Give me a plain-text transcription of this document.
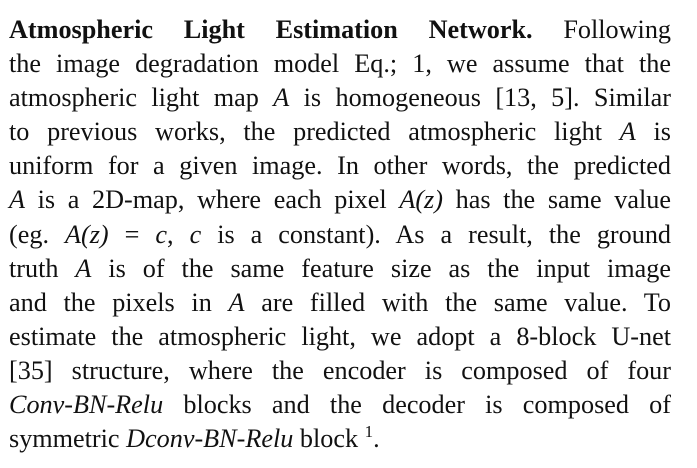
Atmospheric Light Estimation Network. Following
the image degradation model Eq.; 1, we assume that the
atmospheric light map A is homogeneous [13, 5]. Similar
to previous works, the predicted atmospheric light A is
uniform for a given image. In other words, the predicted
A is a 2D-map, where each pixel A(z) has the same value
(eg. A(z) = c, c is a constant). As a result, the ground
truth A is of the same feature size as the input image
and the pixels in A are filled with the same value. To
estimate the atmospheric light, we adopt a 8-block U-net
[35] structure, where the encoder is composed of four
Conv-BN-Relu blocks and the decoder is composed of
symmetric Dconv-BN-Relu block $^1$.
